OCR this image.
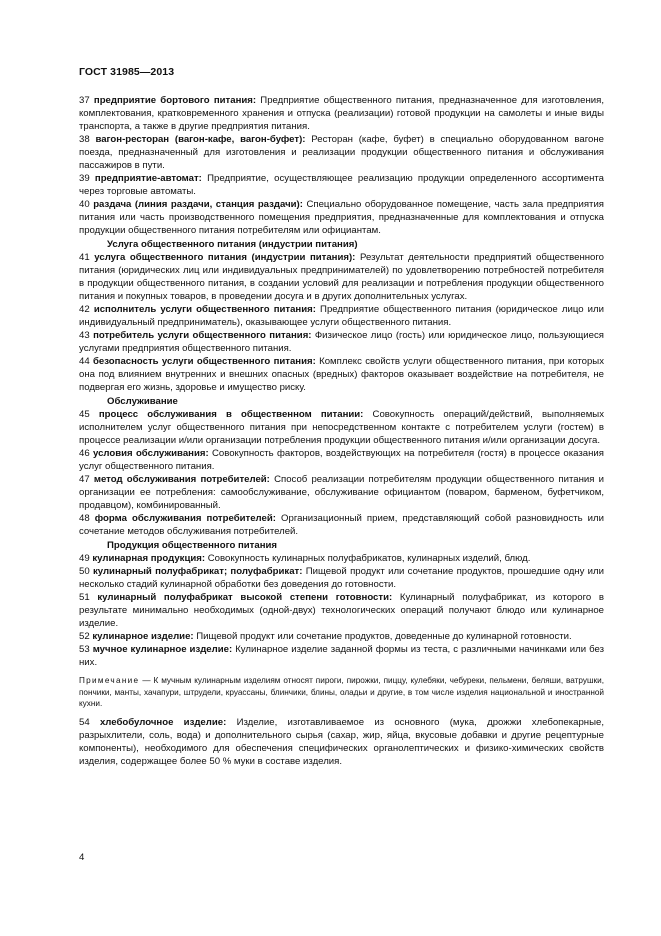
ГОСТ 31985—2013
37 предприятие бортового питания: Предприятие общественного питания, предназначенное для изготовления, комплектования, кратковременного хранения и отпуска (реализации) готовой продукции на самолеты и иные виды транспорта, а также в другие предприятия питания.
38 вагон-ресторан (вагон-кафе, вагон-буфет): Ресторан (кафе, буфет) в специально оборудованном вагоне поезда, предназначенный для изготовления и реализации продукции общественного питания и обслуживания пассажиров в пути.
39 предприятие-автомат: Предприятие, осуществляющее реализацию продукции определенного ассортимента через торговые автоматы.
40 раздача (линия раздачи, станция раздачи): Специально оборудованное помещение, часть зала предприятия питания или часть производственного помещения предприятия, предназначенные для комплектования и отпуска продукции общественного питания потребителям или официантам.
Услуга общественного питания (индустрии питания)
41 услуга общественного питания (индустрии питания): Результат деятельности предприятий общественного питания (юридических лиц или индивидуальных предпринимателей) по удовлетворению потребностей потребителя в продукции общественного питания, в создании условий для реализации и потребления продукции общественного питания и покупных товаров, в проведении досуга и в других дополнительных услугах.
42 исполнитель услуги общественного питания: Предприятие общественного питания (юридическое лицо или индивидуальный предприниматель), оказывающее услуги общественного питания.
43 потребитель услуги общественного питания: Физическое лицо (гость) или юридическое лицо, пользующиеся услугами предприятия общественного питания.
44 безопасность услуги общественного питания: Комплекс свойств услуги общественного питания, при которых она под влиянием внутренних и внешних опасных (вредных) факторов оказывает воздействие на потребителя, не подвергая его жизнь, здоровье и имущество риску.
Обслуживание
45 процесс обслуживания в общественном питании: Совокупность операций/действий, выполняемых исполнителем услуг общественного питания при непосредственном контакте с потребителем услуги (гостем) в процессе реализации и/или организации потребления продукции общественного питания и/или организации досуга.
46 условия обслуживания: Совокупность факторов, воздействующих на потребителя (гостя) в процессе оказания услуг общественного питания.
47 метод обслуживания потребителей: Способ реализации потребителям продукции общественного питания и организации ее потребления: самообслуживание, обслуживание официантом (поваром, барменом, буфетчиком, продавцом), комбинированный.
48 форма обслуживания потребителей: Организационный прием, представляющий собой разновидность или сочетание методов обслуживания потребителей.
Продукция общественного питания
49 кулинарная продукция: Совокупность кулинарных полуфабрикатов, кулинарных изделий, блюд.
50 кулинарный полуфабрикат; полуфабрикат: Пищевой продукт или сочетание продуктов, прошедшие одну или несколько стадий кулинарной обработки без доведения до готовности.
51 кулинарный полуфабрикат высокой степени готовности: Кулинарный полуфабрикат, из которого в результате минимально необходимых (одной-двух) технологических операций получают блюдо или кулинарное изделие.
52 кулинарное изделие: Пищевой продукт или сочетание продуктов, доведенные до кулинарной готовности.
53 мучное кулинарное изделие: Кулинарное изделие заданной формы из теста, с различными начинками или без них.
Примечание — К мучным кулинарным изделиям относят пироги, пирожки, пиццу, кулебяки, чебуреки, пельмени, беляши, ватрушки, пончики, манты, хачапури, штрудели, круассаны, блинчики, блины, оладьи и другие, в том числе изделия национальной и иностранной кухни.
54 хлебобулочное изделие: Изделие, изготавливаемое из основного (мука, дрожжи хлебопекарные, разрыхлители, соль, вода) и дополнительного сырья (сахар, жир, яйца, вкусовые добавки и другие рецептурные компоненты), необходимого для обеспечения специфических органолептических и физико-химических свойств изделия, содержащее более 50 % муки в составе изделия.
4
